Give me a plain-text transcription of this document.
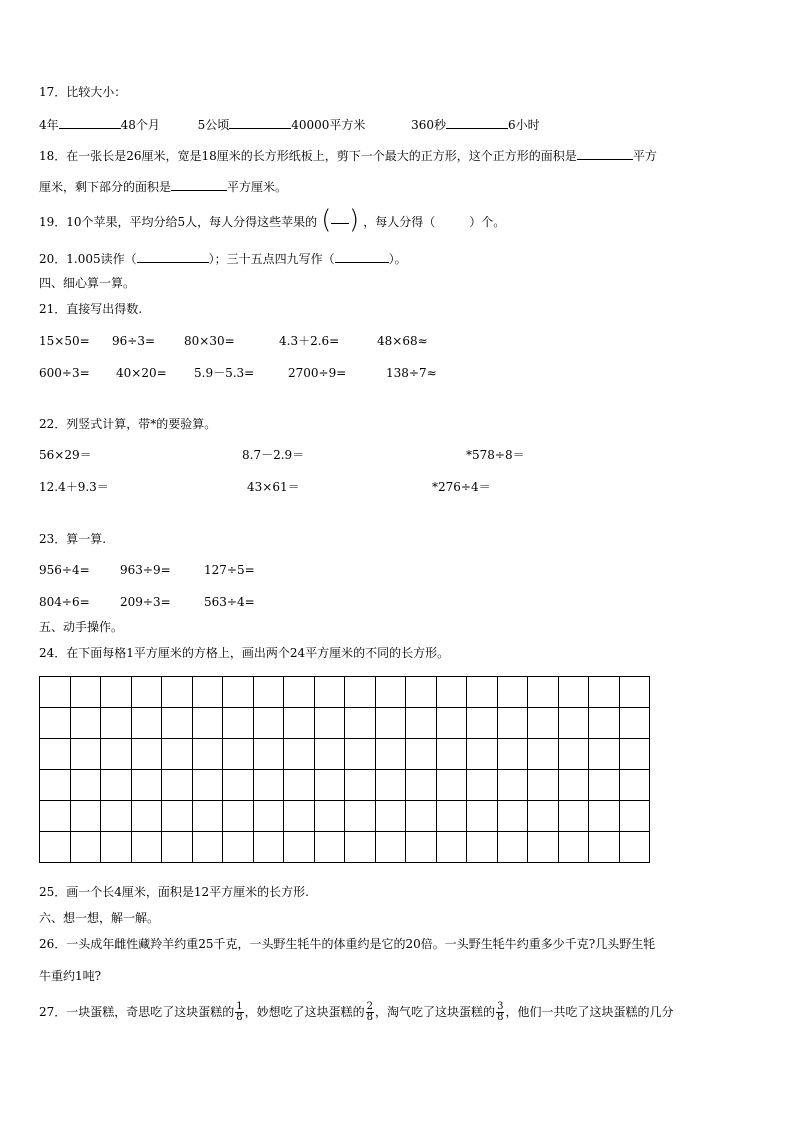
17．比较大小：
4年	48个月	5公顷	40000平方米	360秒	6小时
18．在一张长是26厘米，宽是18厘米的长方形纸板上，剪下一个最大的正方形，这个正方形的面积是	平方
厘米，剩下部分的面积是	平方厘米。
19．10个苹果，平均分给5人，每人分得这些苹果的 ( ) ，每人分得（	）个。
20．1.005读作（	）；三十五点四九写作（	）。
四、细心算一算。
21．直接写出得数.
15×50= 96÷3= 80×30=	4.3＋2.6=	48×68≈
600÷3= 40×20= 5.9－5.3=	2700÷9=	138÷7≈
22．列竖式计算，带*的要验算。
56×29＝	8.7－2.9＝	*578÷8＝
12.4＋9.3＝	43×61＝	*276÷4＝
23．算一算.
956÷4=	963÷9=	127÷5=
804÷6=	209÷3=	563÷4=
五、动手操作。
24．在下面每格1平方厘米的方格上，画出两个24平方厘米的不同的长方形。

25．画一个长4厘米，面积是12平方厘米的长方形.
六、想一想，解一解。
26．一头成年雌性藏羚羊约重25千克，一头野生牦牛的体重约是它的20倍。一头野生牦牛约重多少千克?几头野生牦
牛重约1吨?
27．一块蛋糕，奇思吃了这块蛋糕的 $\frac{1}{8}$ ，妙想吃了这块蛋糕的 $\frac{2}{8}$ ，淘气吃了这块蛋糕的 $\frac{3}{8}$ ，他们一共吃了这块蛋糕的几分
